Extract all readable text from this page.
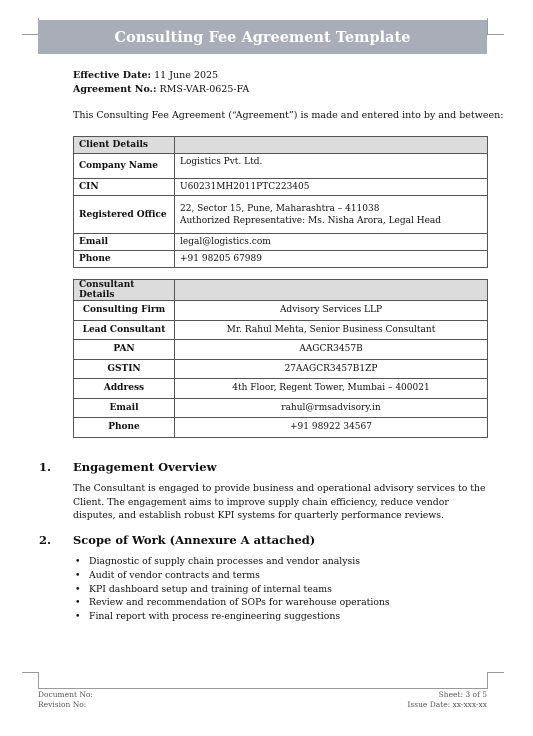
Consulting Fee Agreement Template
Effective Date: 11 June 2025
Agreement No.: RMS-VAR-0625-FA
This Consulting Fee Agreement (“Agreement”) is made and entered into by and between:
Client Details	
Company Name	Logistics Pvt. Ltd.
CIN	U60231MH2011PTC223405
Registered Office	22, Sector 15, Pune, Maharashtra – 411038
Authorized Representative: Ms. Nisha Arora, Legal Head

Email	legal@logistics.com
Phone	+91 98205 67989
Consultant Details	
Consulting Firm	Advisory Services LLP
Lead Consultant	Mr. Rahul Mehta, Senior Business Consultant
PAN	AAGCR3457B
GSTIN	27AAGCR3457B1ZP
Address	4th Floor, Regent Tower, Mumbai – 400021
Email	rahul@rmsadvisory.in
Phone	+91 98922 34567
1. Engagement Overview
The Consultant is engaged to provide business and operational advisory services to the Client. The engagement aims to improve supply chain efficiency, reduce vendor disputes, and establish robust KPI systems for quarterly performance reviews.
2. Scope of Work (Annexure A attached)
• Diagnostic of supply chain processes and vendor analysis
• Audit of vendor contracts and terms
• KPI dashboard setup and training of internal teams
• Review and recommendation of SOPs for warehouse operations
• Final report with process re-engineering suggestions
Document No:
Revision No:
Sheet: 3 of 5
Issue Date: xx-xxx-xx
